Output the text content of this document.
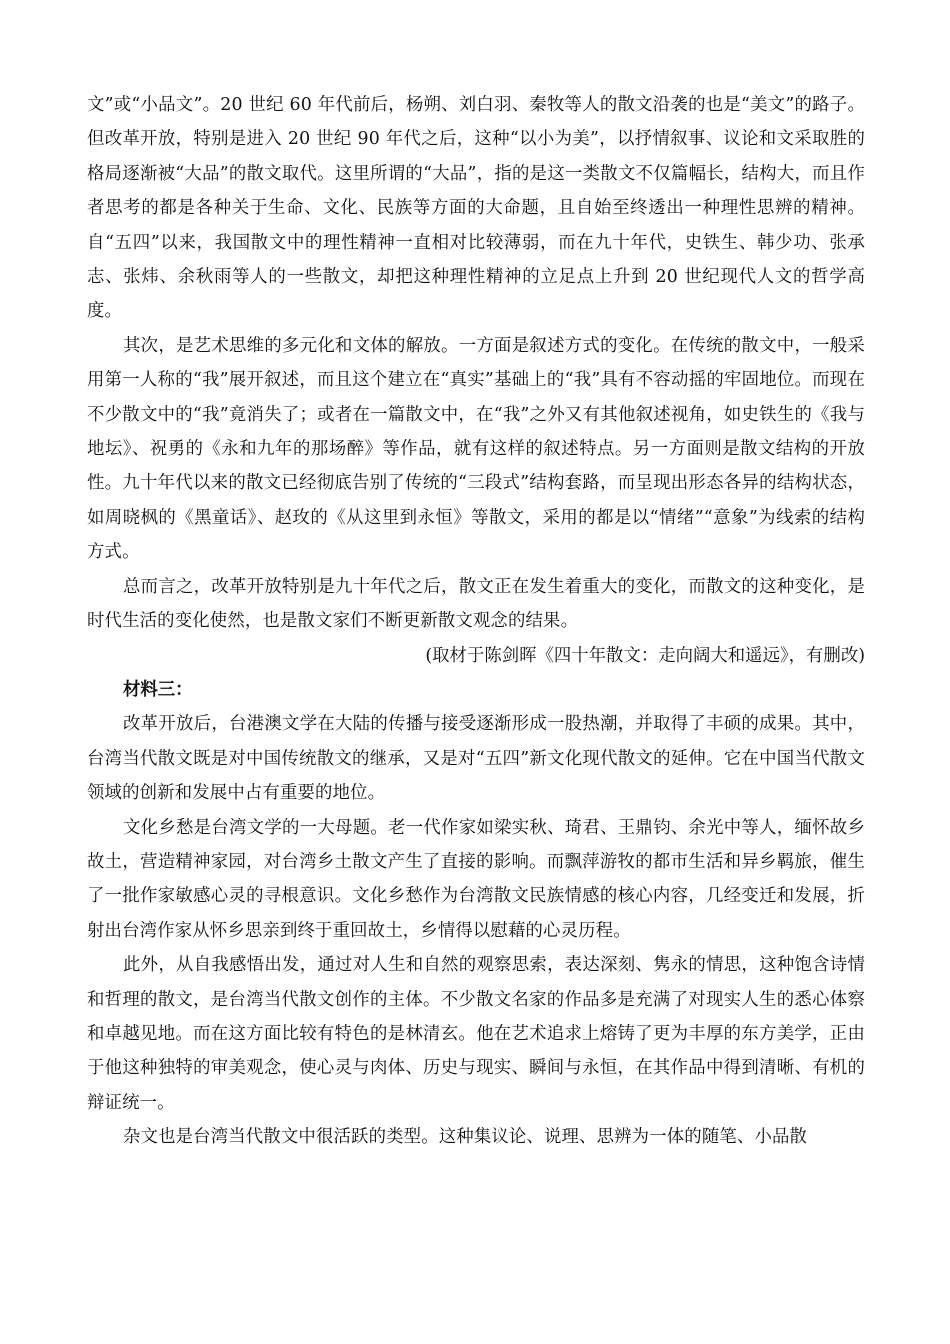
文”或“小品文”。20 世纪 60 年代前后，杨朔、刘白羽、秦牧等人的散文沿袭的也是“美文”的路子。但改革开放，特别是进入 20 世纪 90 年代之后，这种“以小为美”，以抒情叙事、议论和文采取胜的格局逐渐被“大品”的散文取代。这里所谓的“大品”，指的是这一类散文不仅篇幅长，结构大，而且作者思考的都是各种关于生命、文化、民族等方面的大命题，且自始至终透出一种理性思辨的精神。自“五四”以来，我国散文中的理性精神一直相对比较薄弱，而在九十年代，史铁生、韩少功、张承志、张炜、余秋雨等人的一些散文，却把这种理性精神的立足点上升到 20 世纪现代人文的哲学高度。

其次，是艺术思维的多元化和文体的解放。一方面是叙述方式的变化。在传统的散文中，一般采用第一人称的“我”展开叙述，而且这个建立在“真实”基础上的“我”具有不容动摇的牢固地位。而现在不少散文中的“我”竟消失了；或者在一篇散文中，在“我”之外又有其他叙述视角，如史铁生的《我与地坛》、祝勇的《永和九年的那场醉》等作品，就有这样的叙述特点。另一方面则是散文结构的开放性。九十年代以来的散文已经彻底告别了传统的“三段式”结构套路，而呈现出形态各异的结构状态，如周晓枫的《黑童话》、赵玫的《从这里到永恒》等散文，采用的都是以“情绪”“意象”为线索的结构方式。

总而言之，改革开放特别是九十年代之后，散文正在发生着重大的变化，而散文的这种变化，是时代生活的变化使然，也是散文家们不断更新散文观念的结果。

(取材于陈剑晖《四十年散文：走向阔大和遥远》，有删改)

材料三：

改革开放后，台港澳文学在大陆的传播与接受逐渐形成一股热潮，并取得了丰硕的成果。其中，台湾当代散文既是对中国传统散文的继承，又是对“五四”新文化现代散文的延伸。它在中国当代散文领域的创新和发展中占有重要的地位。

文化乡愁是台湾文学的一大母题。老一代作家如梁实秋、琦君、王鼎钧、余光中等人，缅怀故乡故土，营造精神家园，对台湾乡土散文产生了直接的影响。而飘萍游牧的都市生活和异乡羁旅，催生了一批作家敏感心灵的寻根意识。文化乡愁作为台湾散文民族情感的核心内容，几经变迁和发展，折射出台湾作家从怀乡思亲到终于重回故土，乡情得以慰藉的心灵历程。

此外，从自我感悟出发，通过对人生和自然的观察思索，表达深刻、隽永的情思，这种饱含诗情和哲理的散文，是台湾当代散文创作的主体。不少散文名家的作品多是充满了对现实人生的悉心体察和卓越见地。而在这方面比较有特色的是林清玄。他在艺术追求上熔铸了更为丰厚的东方美学，正由于他这种独特的审美观念，使心灵与肉体、历史与现实、瞬间与永恒，在其作品中得到清晰、有机的辩证统一。

杂文也是台湾当代散文中很活跃的类型。这种集议论、说理、思辨为一体的随笔、小品散
